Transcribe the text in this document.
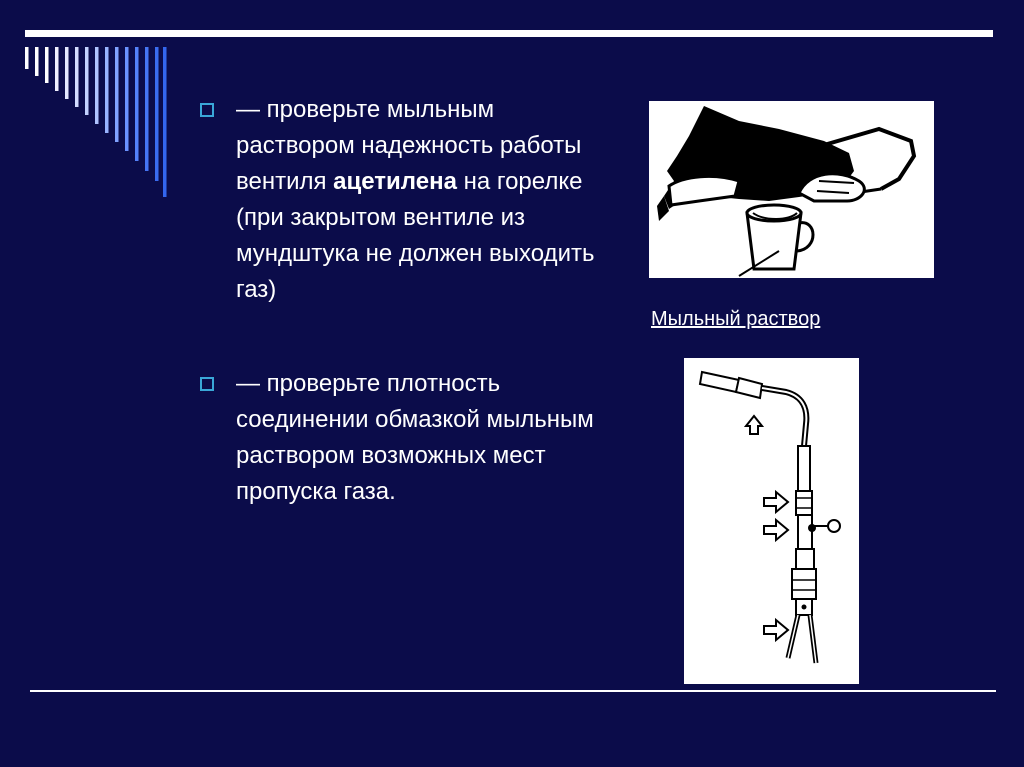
— проверьте мыльным раствором надежность работы вентиля ацетилена на горелке (при закрытом вентиле из мундштука не должен выходить газ)
— проверьте плотность соединении обмазкой мыльным раствором возможных мест пропуска газа.
Мыльный раствор
